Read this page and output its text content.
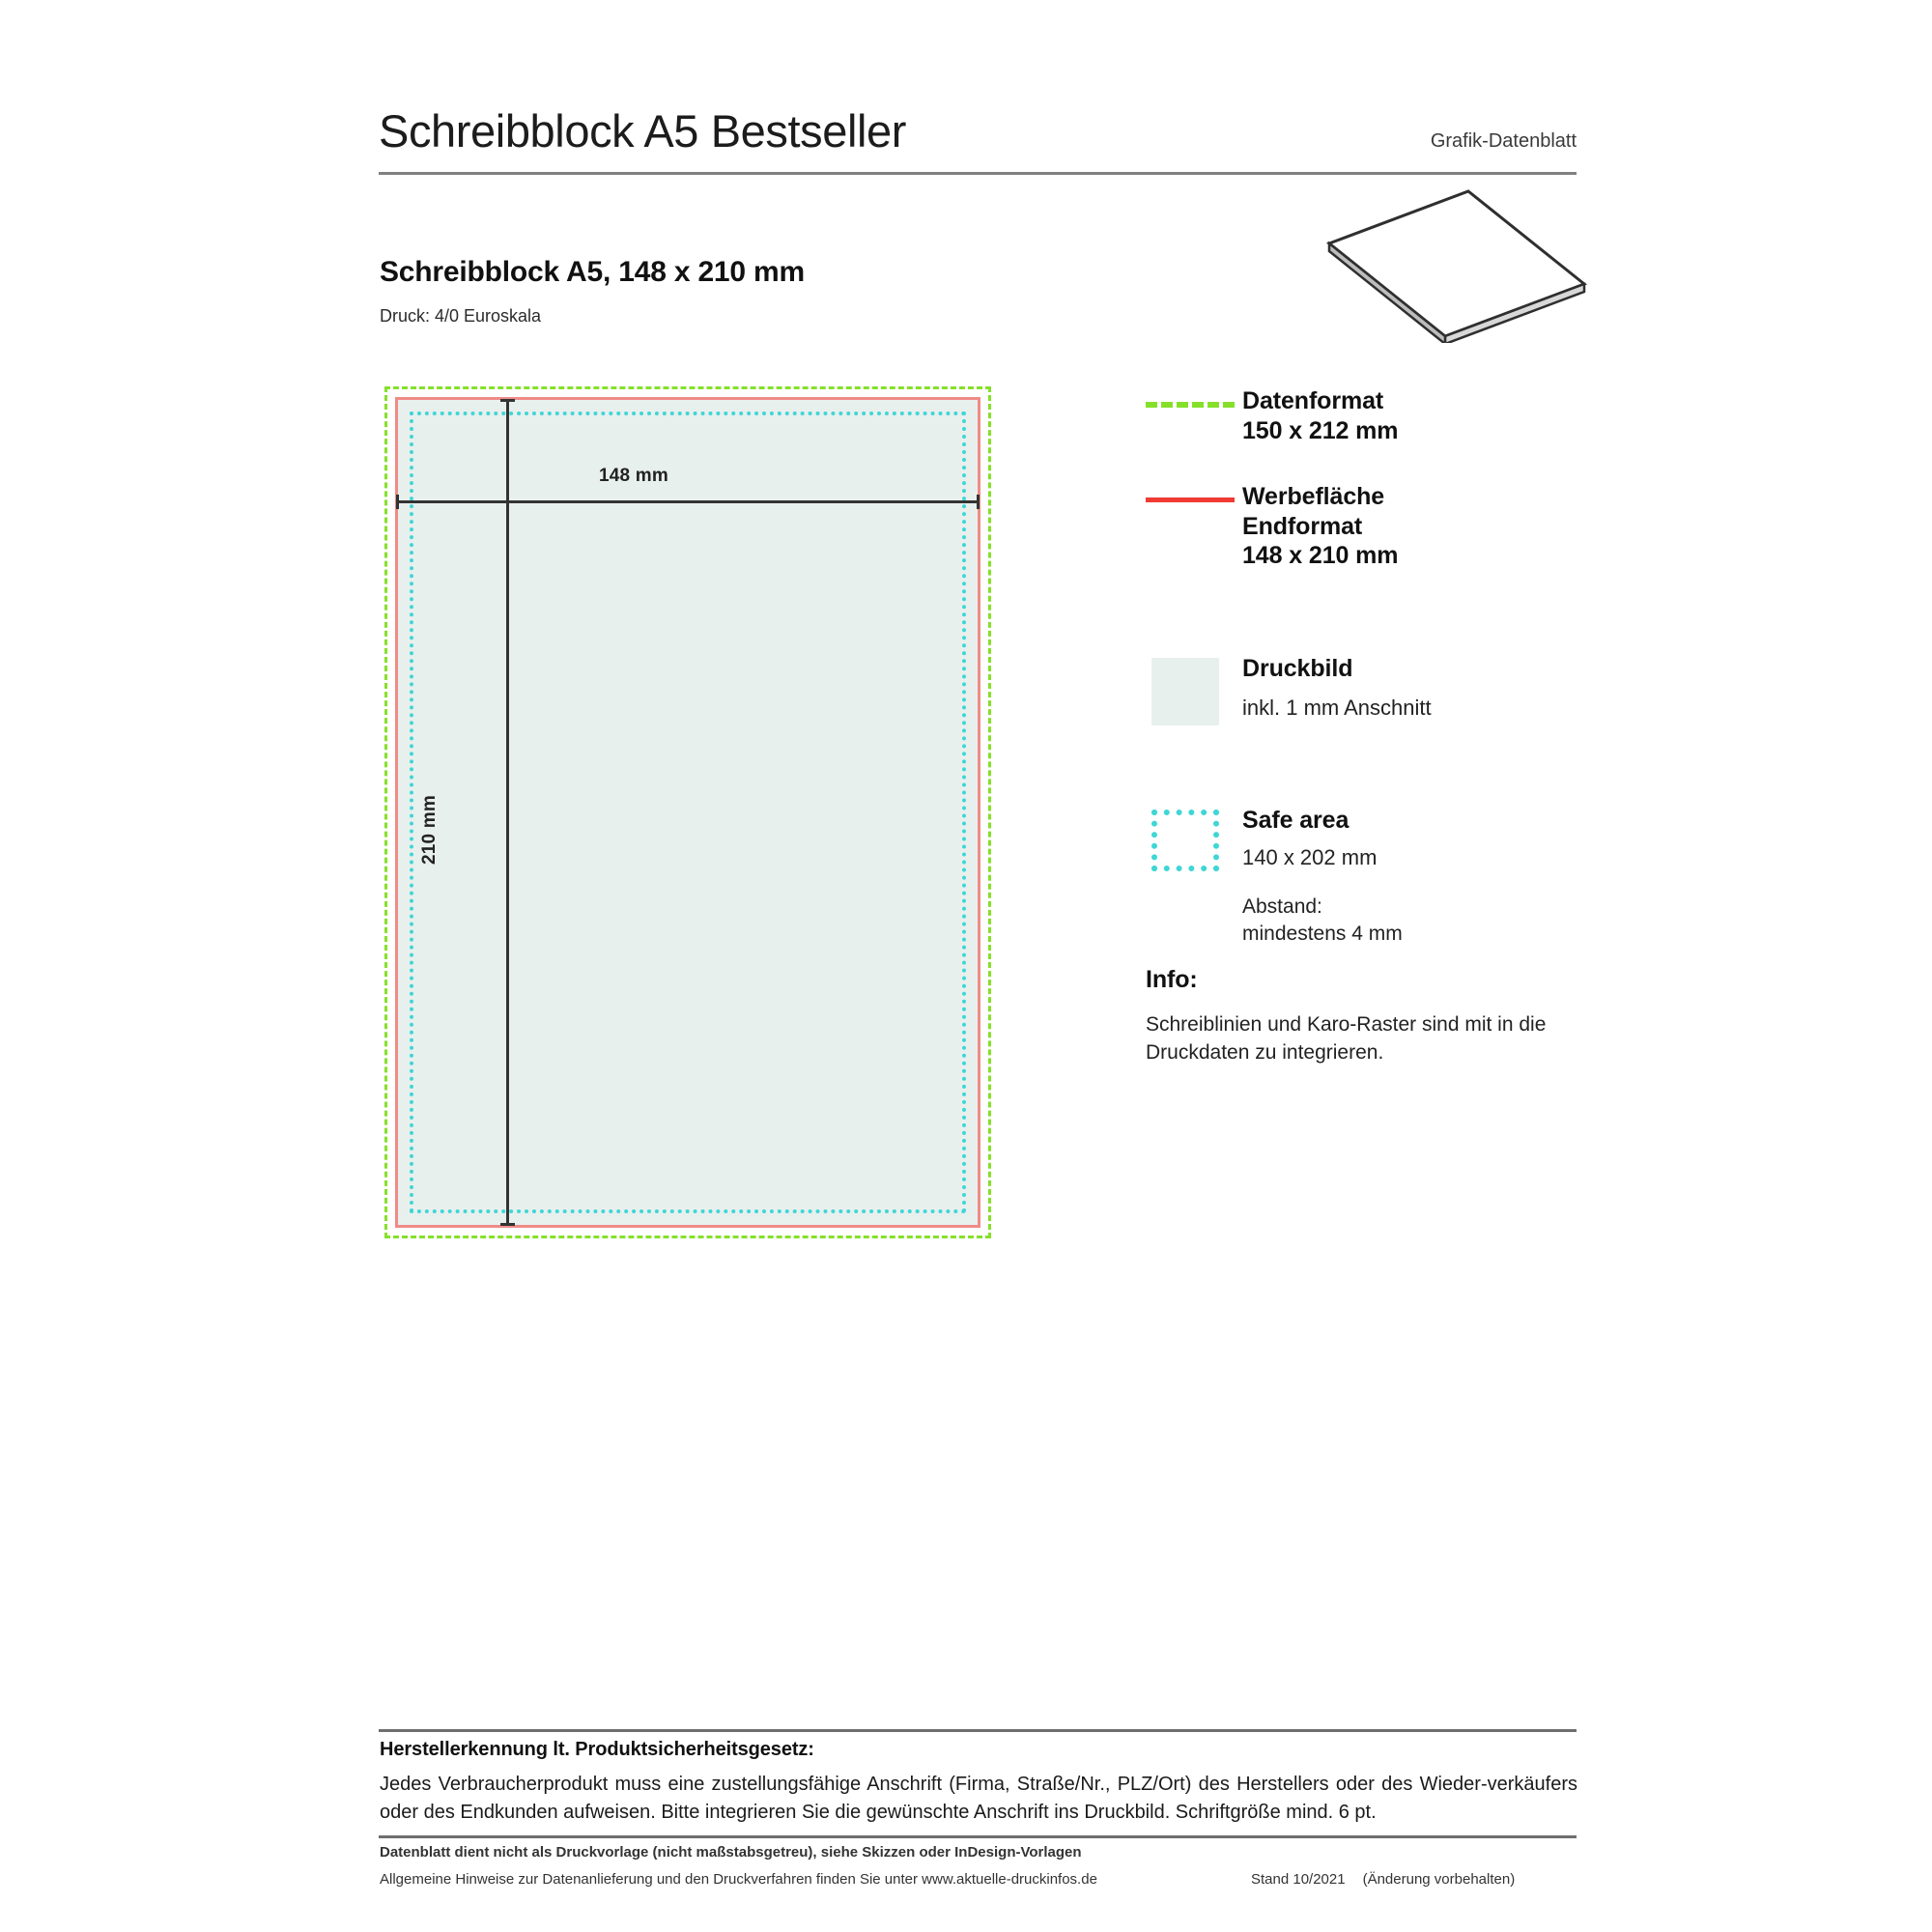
Schreibblock A5 Bestseller	Grafik-Datenblatt
Schreibblock A5, 148 x 210 mm
Druck: 4/0 Euroskala
148 mm
210 mm
Datenformat
150 x 212 mm
Werbefläche
Endformat
148 x 210 mm
Druckbild
inkl. 1 mm Anschnitt
Safe area
140 x 202 mm
Abstand:
mindestens 4 mm
Info:
Schreiblinien und Karo-Raster sind mit in die Druckdaten zu integrieren.
Herstellerkennung lt. Produktsicherheitsgesetz:
Jedes Verbraucherprodukt muss eine zustellungsfähige Anschrift (Firma, Straße/Nr., PLZ/Ort) des Herstellers oder des Wieder-verkäufers oder des Endkunden aufweisen. Bitte integrieren Sie die gewünschte Anschrift ins Druckbild. Schriftgröße mind. 6 pt.
Datenblatt dient nicht als Druckvorlage (nicht maßstabsgetreu), siehe Skizzen oder InDesign-Vorlagen
Allgemeine Hinweise zur Datenanlieferung und den Druckverfahren finden Sie unter www.aktuelle-druckinfos.de	Stand 10/2021 (Änderung vorbehalten)
